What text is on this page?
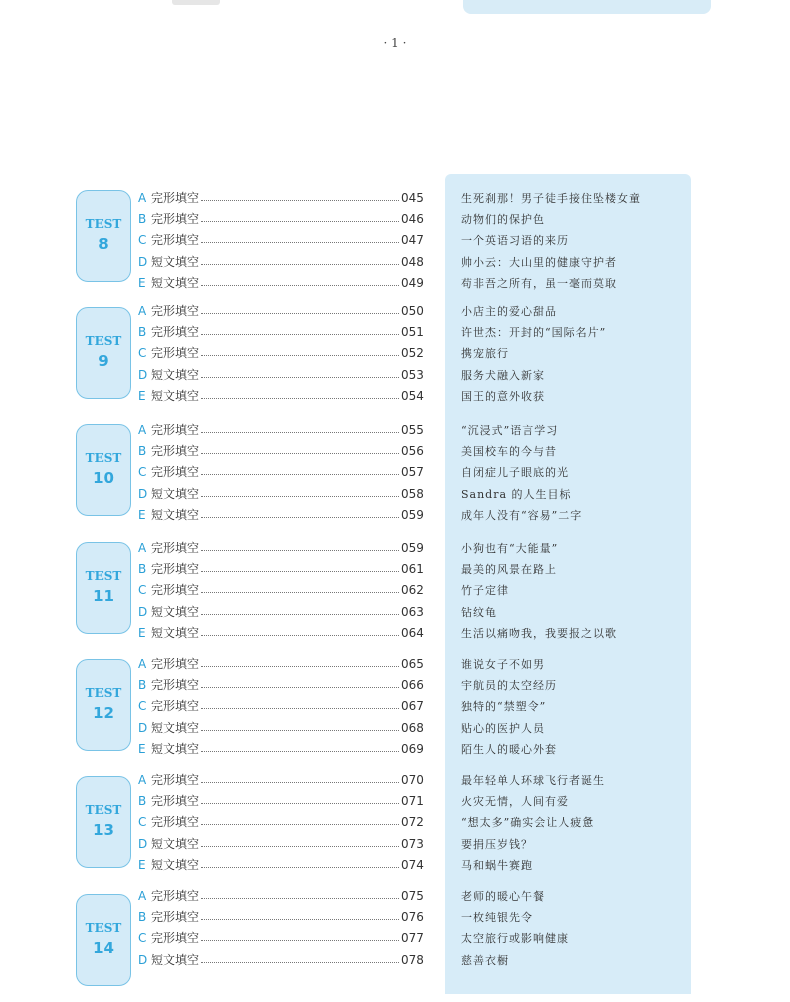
· 1 ·
TEST
8
A 完形填空	045	生死刹那！男子徒手接住坠楼女童
B 完形填空	046	动物们的保护色
C 完形填空	047	一个英语习语的来历
D 短文填空	048	帅小云：大山里的健康守护者
E 短文填空	049	苟非吾之所有，虽一毫而莫取
TEST
9
A 完形填空	050	小店主的爱心甜品
B 完形填空	051	许世杰：开封的“国际名片”
C 完形填空	052	携宠旅行
D 短文填空	053	服务犬融入新家
E 短文填空	054	国王的意外收获
TEST
10
A 完形填空	055	“沉浸式”语言学习
B 完形填空	056	美国校车的今与昔
C 完形填空	057	自闭症儿子眼底的光
D 短文填空	058	Sandra 的人生目标
E 短文填空	059	成年人没有“容易”二字
TEST
11
A 完形填空	059	小狗也有“大能量”
B 完形填空	061	最美的风景在路上
C 完形填空	062	竹子定律
D 短文填空	063	钻纹龟
E 短文填空	064	生活以痛吻我，我要报之以歌
TEST
12
A 完形填空	065	谁说女子不如男
B 完形填空	066	宇航员的太空经历
C 完形填空	067	独特的“禁塑令”
D 短文填空	068	贴心的医护人员
E 短文填空	069	陌生人的暖心外套
TEST
13
A 完形填空	070	最年轻单人环球飞行者诞生
B 完形填空	071	火灾无情，人间有爱
C 完形填空	072	“想太多”确实会让人疲惫
D 短文填空	073	要捐压岁钱？
E 短文填空	074	马和蜗牛赛跑
TEST
14
A 完形填空	075	老师的暖心午餐
B 完形填空	076	一枚纯银先令
C 完形填空	077	太空旅行或影响健康
D 短文填空	078	慈善衣橱
